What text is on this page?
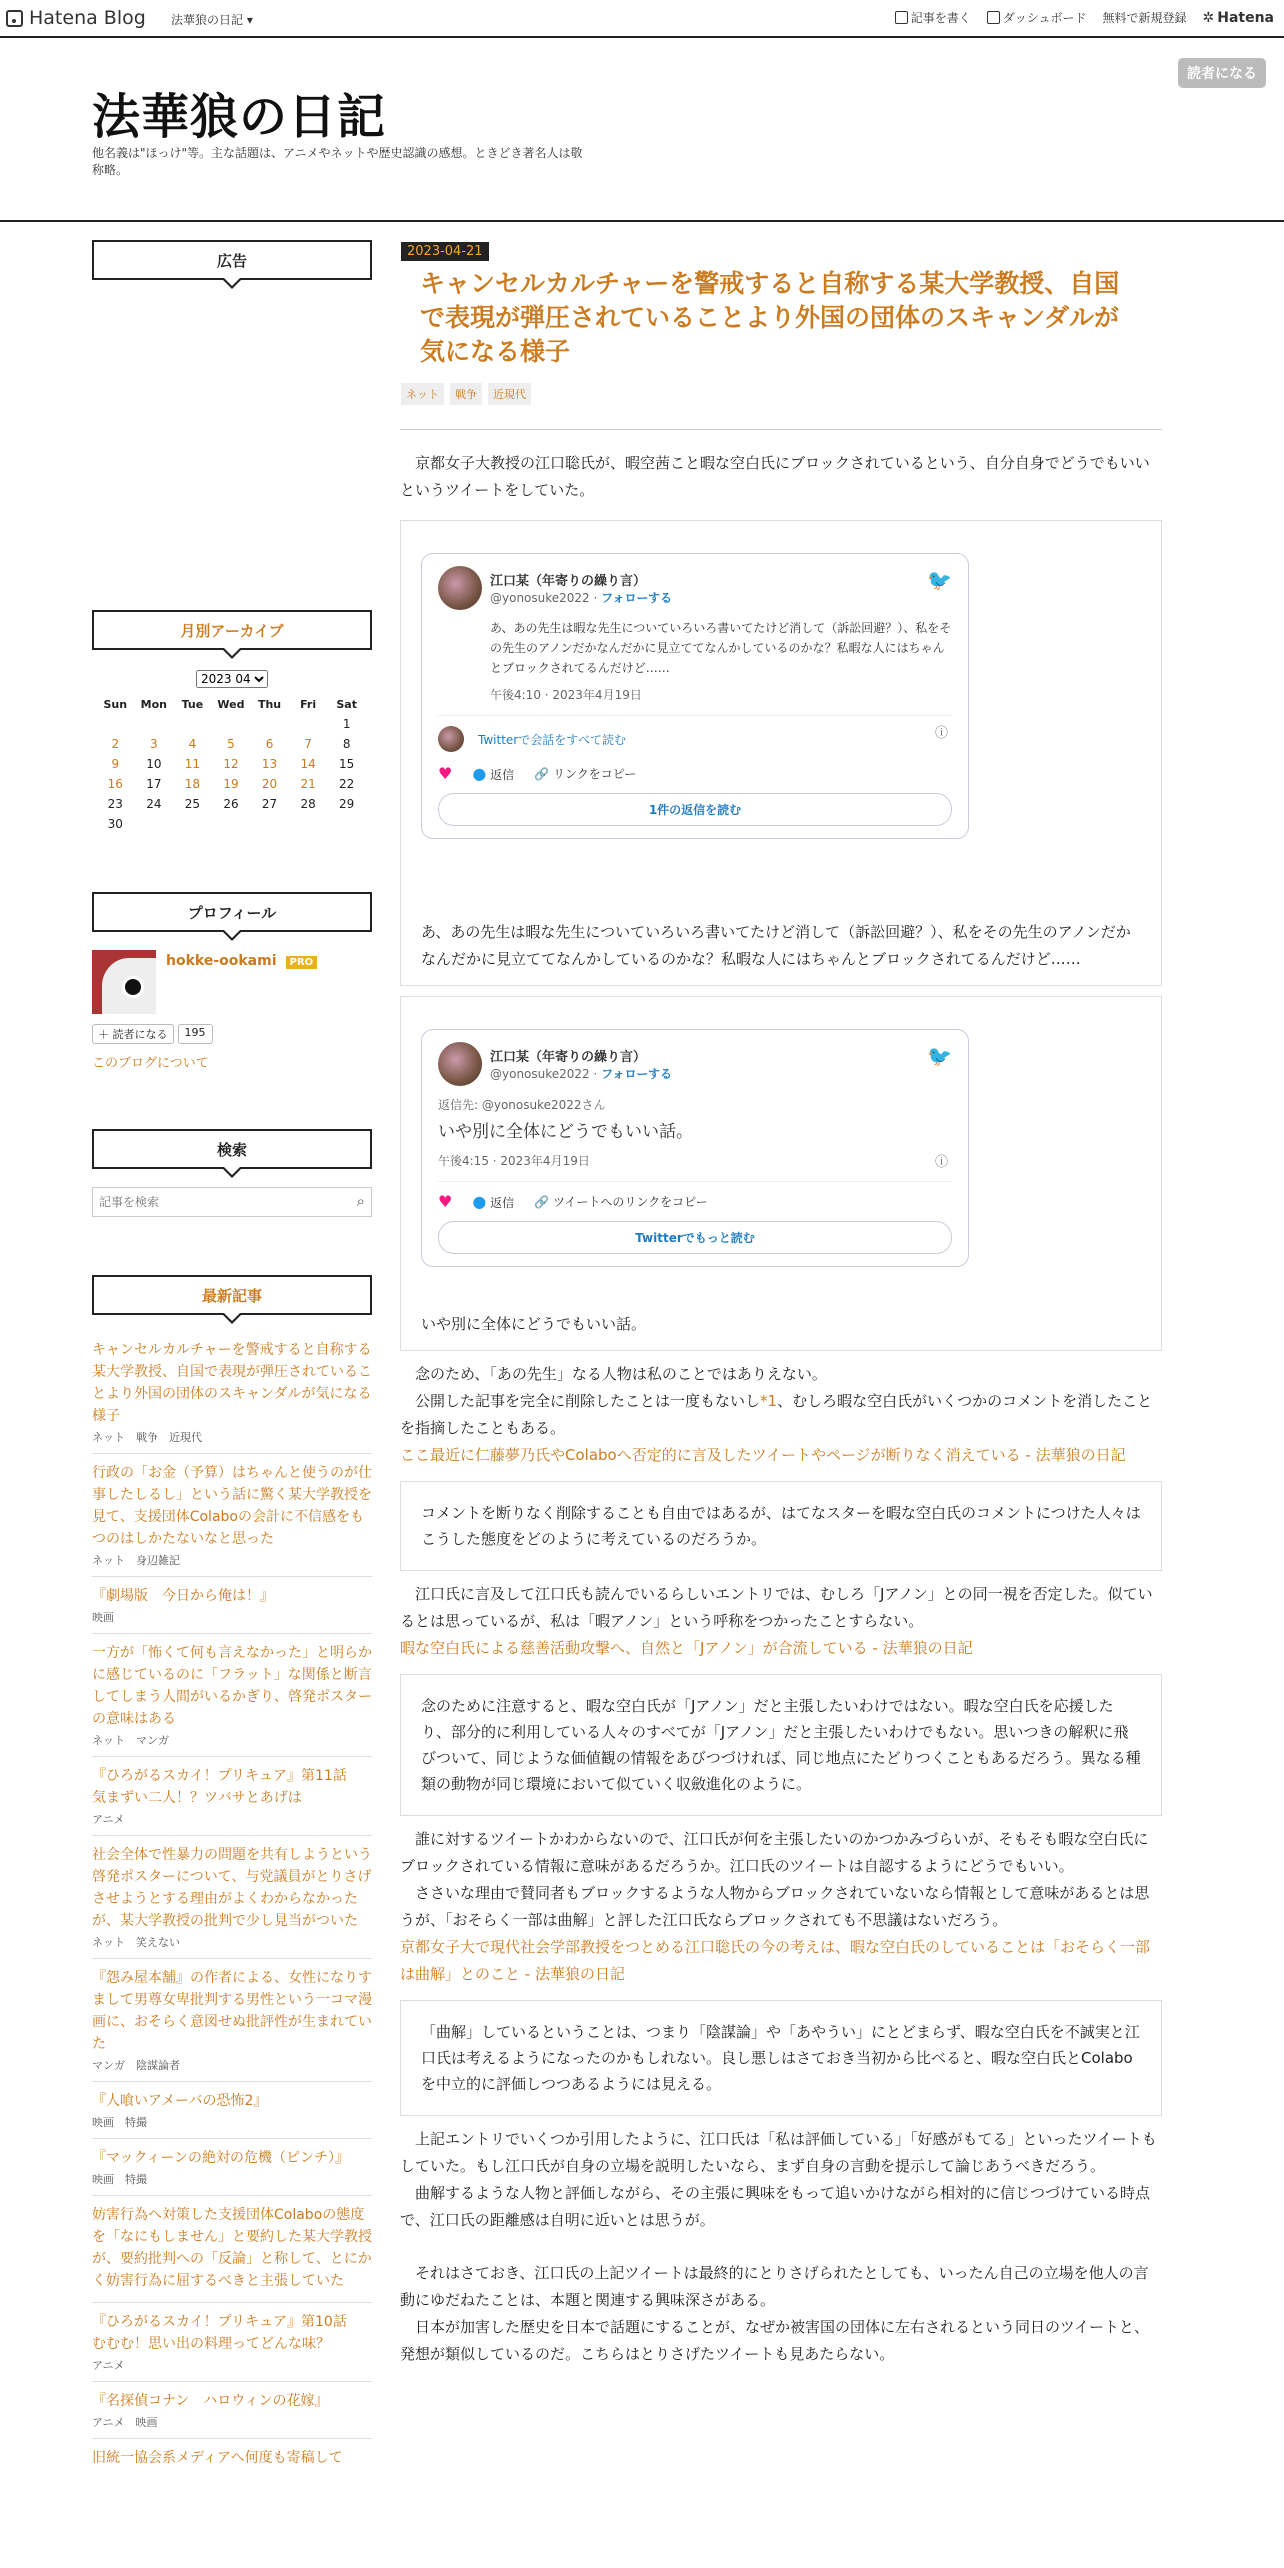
Hatena Blog 法華狼の日記 ▾	記事を書く	ダッシュボード 無料で新規登録	✲ Hatena
法華狼の日記
他名義は"ほっけ"等。主な話題は、アニメやネットや歴史認識の感想。ときどき著名人は敬称略。
読者になる
広告
月別アーカイブ
2023 04
Sun	Mon	Tue	Wed	Thu	Fri	Sat
						1
2	3	4	5	6	7	8
9	10	11	12	13	14	15
16	17	18	19	20	21	22
23	24	25	26	27	28	29
30						
プロフィール
hokke-ookami PRO
＋ 読者になる	195
このブログについて
検索
記事を検索
⌕
最新記事
キャンセルカルチャーを警戒すると自称する某大学教授、自国で表現が弾圧されていることより外国の団体のスキャンダルが気になる様子
ネット　戦争　近現代
行政の「お金（予算）はちゃんと使うのが仕事したしるし」という話に驚く某大学教授を見て、支援団体Colaboの会計に不信感をもつのはしかたないなと思った
ネット　身辺雑記
『劇場版　今日から俺は！』
映画
一方が「怖くて何も言えなかった」と明らかに感じているのに「フラット」な関係と断言してしまう人間がいるかぎり、啓発ポスターの意味はある
ネット　マンガ
『ひろがるスカイ！プリキュア』第11話　気まずい二人！？ツバサとあげは
アニメ
社会全体で性暴力の問題を共有しようという啓発ポスターについて、与党議員がとりさげさせようとする理由がよくわからなかったが、某大学教授の批判で少し見当がついた
ネット　笑えない
『怨み屋本舗』の作者による、女性になりすまして男尊女卑批判する男性という一コマ漫画に、おそらく意図せぬ批評性が生まれていた
マンガ　陰謀論者
『人喰いアメーバの恐怖2』
映画　特撮
『マックィーンの絶対の危機（ピンチ）』
映画　特撮
妨害行為へ対策した支援団体Colaboの態度を「なにもしません」と要約した某大学教授が、要約批判への「反論」と称して、とにかく妨害行為に屈するべきと主張していた
『ひろがるスカイ！プリキュア』第10話　むむむ！思い出の料理ってどんな味？
アニメ
『名探偵コナン　ハロウィンの花嫁』
アニメ　映画
旧統一協会系メディアへ何度も寄稿して
2023-04-21
キャンセルカルチャーを警戒すると自称する某大学教授、自国で表現が弾圧されていることより外国の団体のスキャンダルが気になる様子
ネット	戦争	近現代

京都女子大教授の江口聡氏が、暇空茜こと暇な空白氏にブロックされているという、自分自身でどうでもいいというツイートをしていた。

🐦
江口某（年寄りの繰り言）
@yonosuke2022 · フォローする
あ、あの先生は暇な先生についていろいろ書いてたけど消して（訴訟回避？）、私をその先生のアノンだかなんだかに見立ててなんかしているのかな？私暇な人にはちゃんとブロックされてるんだけど……
午後4:10 · 2023年4月19日
ⓘ
Twitterで会話をすべて読む
♥ ● 返信 🔗 リンクをコピー
1件の返信を読む

あ、あの先生は暇な先生についていろいろ書いてたけど消して（訴訟回避？）、私をその先生のアノンだかなんだかに見立ててなんかしているのかな？私暇な人にはちゃんとブロックされてるんだけど……

🐦
江口某（年寄りの繰り言）
@yonosuke2022 · フォローする
返信先: @yonosuke2022さん
いや別に全体にどうでもいい話。
午後4:15 · 2023年4月19日	ⓘ
♥ ● 返信 🔗 ツイートへのリンクをコピー
Twitterでもっと読む

いや別に全体にどうでもいい話。

念のため、「あの先生」なる人物は私のことではありえない。

公開した記事を完全に削除したことは一度もないし*1、むしろ暇な空白氏がいくつかのコメントを消したことを指摘したこともある。

ここ最近に仁藤夢乃氏やColaboへ否定的に言及したツイートやページが断りなく消えている - 法華狼の日記

コメントを断りなく削除することも自由ではあるが、はてなスターを暇な空白氏のコメントにつけた人々はこうした態度をどのように考えているのだろうか。

江口氏に言及して江口氏も読んでいるらしいエントリでは、むしろ「Jアノン」との同一視を否定した。似ているとは思っているが、私は「暇アノン」という呼称をつかったことすらない。

暇な空白氏による慈善活動攻撃へ、自然と「Jアノン」が合流している - 法華狼の日記

念のために注意すると、暇な空白氏が「Jアノン」だと主張したいわけではない。暇な空白氏を応援したり、部分的に利用している人々のすべてが「Jアノン」だと主張したいわけでもない。思いつきの解釈に飛びついて、同じような価値観の情報をあびつづければ、同じ地点にたどりつくこともあるだろう。異なる種類の動物が同じ環境において似ていく収斂進化のように。

誰に対するツイートかわからないので、江口氏が何を主張したいのかつかみづらいが、そもそも暇な空白氏にブロックされている情報に意味があるだろうか。江口氏のツイートは自認するようにどうでもいい。

ささいな理由で賛同者もブロックするような人物からブロックされていないなら情報として意味があるとは思うが、「おそらく一部は曲解」と評した江口氏ならブロックされても不思議はないだろう。

京都女子大で現代社会学部教授をつとめる江口聡氏の今の考えは、暇な空白氏のしていることは「おそらく一部は曲解」とのこと - 法華狼の日記

「曲解」しているということは、つまり「陰謀論」や「あやうい」にとどまらず、暇な空白氏を不誠実と江口氏は考えるようになったのかもしれない。良し悪しはさておき当初から比べると、暇な空白氏とColaboを中立的に評価しつつあるようには見える。

上記エントリでいくつか引用したように、江口氏は「私は評価している」「好感がもてる」といったツイートもしていた。もし江口氏が自身の立場を説明したいなら、まず自身の言動を提示して論じあうべきだろう。

曲解するような人物と評価しながら、その主張に興味をもって追いかけながら相対的に信じつづけている時点で、江口氏の距離感は自明に近いとは思うが。

それはさておき、江口氏の上記ツイートは最終的にとりさげられたとしても、いったん自己の立場を他人の言動にゆだねたことは、本題と関連する興味深さがある。

日本が加害した歴史を日本で話題にすることが、なぜか被害国の団体に左右されるという同日のツイートと、発想が類似しているのだ。こちらはとりさげたツイートも見あたらない。
